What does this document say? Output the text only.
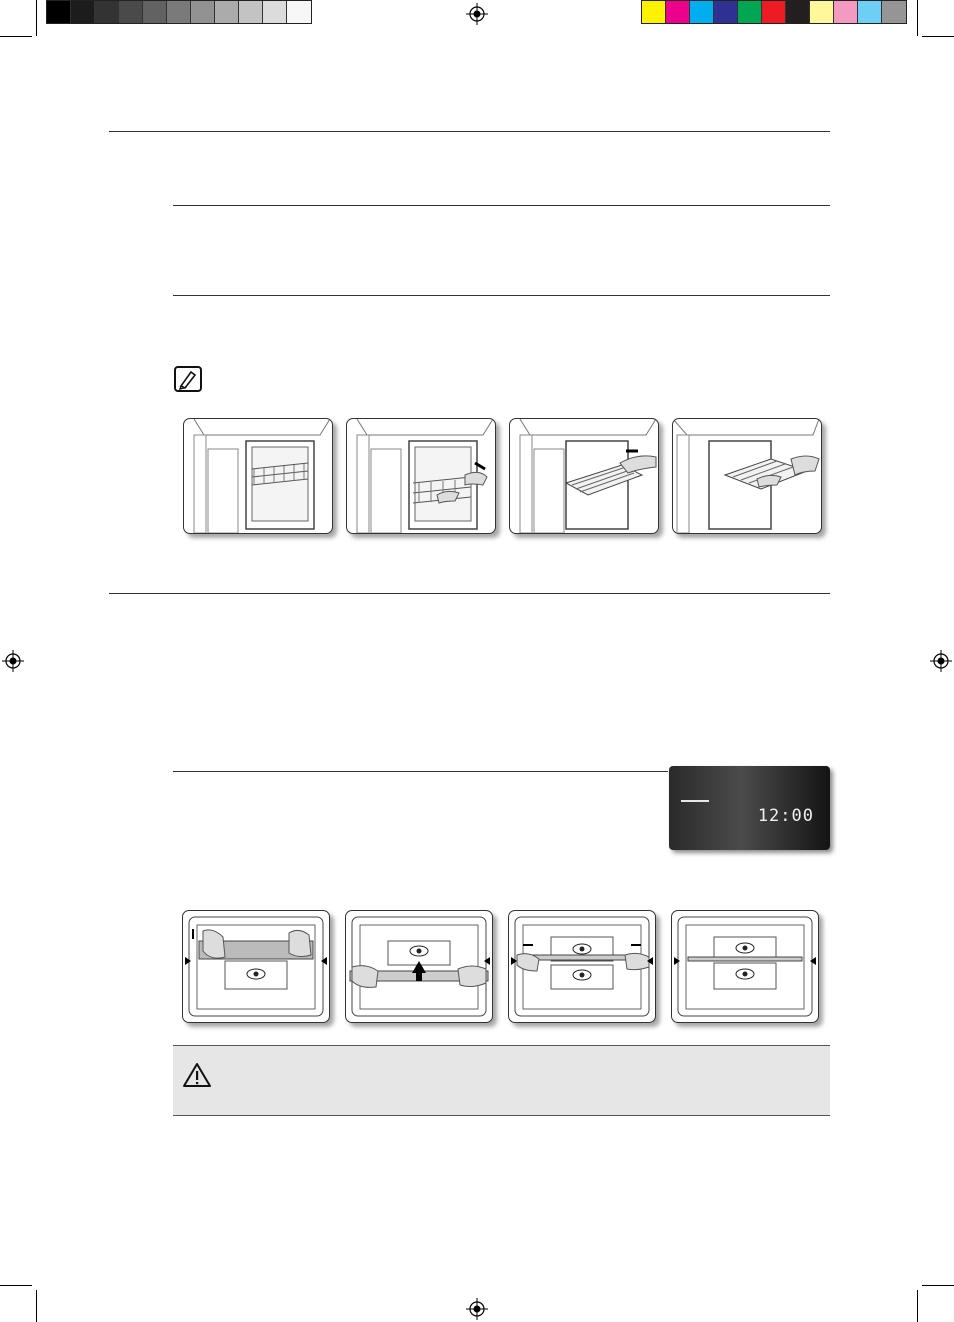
12:00
